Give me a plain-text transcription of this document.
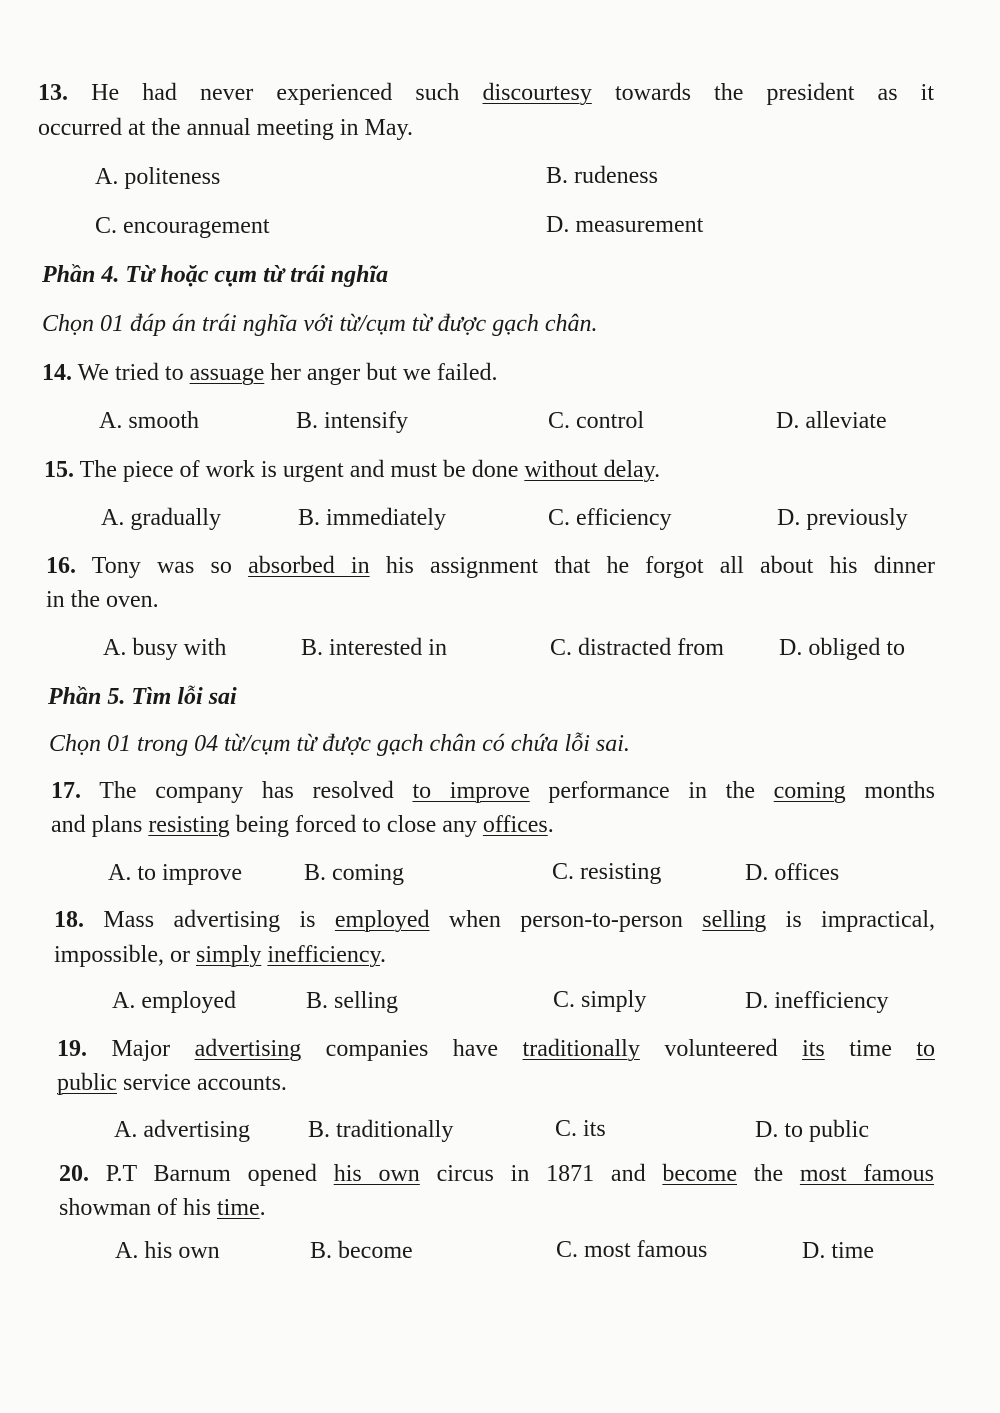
13. He had never experienced such discourtesy towards the president as it
occurred at the annual meeting in May.
A. politeness	B. rudeness
C. encouragement	D. measurement
Phần 4. Từ hoặc cụm từ trái nghĩa
Chọn 01 đáp án trái nghĩa với từ/cụm từ được gạch chân.
14. We tried to assuage her anger but we failed.
A. smooth	B. intensify	C. control	D. alleviate
15. The piece of work is urgent and must be done without delay.
A. gradually	B. immediately	C. efficiency	D. previously
16. Tony was so absorbed in his assignment that he forgot all about his dinner
in the oven.
A. busy with	B. interested in	C. distracted from D. obliged to
Phần 5. Tìm lỗi sai
Chọn 01 trong 04 từ/cụm từ được gạch chân có chứa lỗi sai.
17. The company has resolved to improve performance in the coming months
and plans resisting being forced to close any offices.
A. to improve	B. coming	C. resisting	D. offices
18. Mass advertising is employed when person-to-person selling is impractical,
impossible, or simply inefficiency.
A. employed	B. selling	C. simply	D. inefficiency
19. Major advertising companies have traditionally volunteered its time to
public service accounts.
A. advertising B. traditionally	C. its	D. to public
20. P.T Barnum opened his own circus in 1871 and become the most famous
showman of his time.
A. his own	B. become	C. most famous	D. time
